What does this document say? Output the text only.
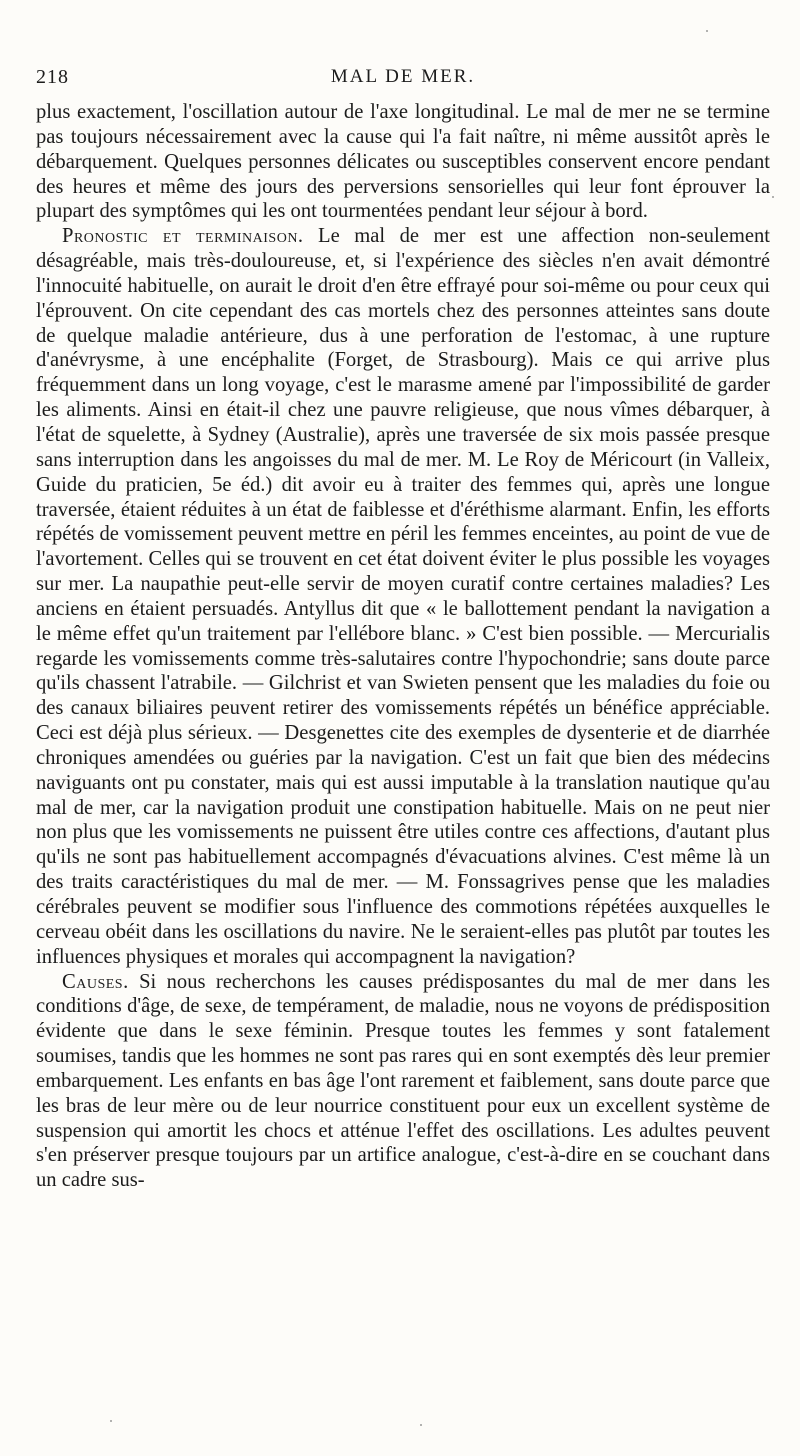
218	MAL DE MER.

plus exactement, l'oscillation autour de l'axe longitudinal. Le mal de mer ne se termine pas toujours nécessairement avec la cause qui l'a fait naître, ni même aussitôt après le débarquement. Quelques personnes délicates ou susceptibles conservent encore pendant des heures et même des jours des perversions sensorielles qui leur font éprouver la plupart des symptômes qui les ont tourmentées pendant leur séjour à bord.

Pronostic et terminaison. Le mal de mer est une affection non-seulement désagréable, mais très-douloureuse, et, si l'expérience des siècles n'en avait démontré l'innocuité habituelle, on aurait le droit d'en être effrayé pour soi-même ou pour ceux qui l'éprouvent. On cite cependant des cas mortels chez des personnes atteintes sans doute de quelque maladie antérieure, dus à une perforation de l'estomac, à une rupture d'anévrysme, à une encéphalite (Forget, de Strasbourg). Mais ce qui arrive plus fréquemment dans un long voyage, c'est le marasme amené par l'impossibilité de garder les aliments. Ainsi en était-il chez une pauvre religieuse, que nous vîmes débarquer, à l'état de squelette, à Sydney (Australie), après une traversée de six mois passée presque sans interruption dans les angoisses du mal de mer. M. Le Roy de Méricourt (in Valleix, Guide du praticien, 5e éd.) dit avoir eu à traiter des femmes qui, après une longue traversée, étaient réduites à un état de faiblesse et d'éréthisme alarmant. Enfin, les efforts répétés de vomissement peuvent mettre en péril les femmes enceintes, au point de vue de l'avortement. Celles qui se trouvent en cet état doivent éviter le plus possible les voyages sur mer. La naupathie peut-elle servir de moyen curatif contre certaines maladies? Les anciens en étaient persuadés. Antyllus dit que « le ballottement pendant la navigation a le même effet qu'un traitement par l'ellébore blanc. » C'est bien possible. — Mercurialis regarde les vomissements comme très-salutaires contre l'hypochondrie; sans doute parce qu'ils chassent l'atrabile. — Gilchrist et van Swieten pensent que les maladies du foie ou des canaux biliaires peuvent retirer des vomissements répétés un bénéfice appréciable. Ceci est déjà plus sérieux. — Desgenettes cite des exemples de dysenterie et de diarrhée chroniques amendées ou guéries par la navigation. C'est un fait que bien des médecins naviguants ont pu constater, mais qui est aussi imputable à la translation nautique qu'au mal de mer, car la navigation produit une constipation habituelle. Mais on ne peut nier non plus que les vomissements ne puissent être utiles contre ces affections, d'autant plus qu'ils ne sont pas habituellement accompagnés d'évacuations alvines. C'est même là un des traits caractéristiques du mal de mer. — M. Fonssagrives pense que les maladies cérébrales peuvent se modifier sous l'influence des commotions répétées auxquelles le cerveau obéit dans les oscillations du navire. Ne le seraient-elles pas plutôt par toutes les influences physiques et morales qui accompagnent la navigation?

Causes. Si nous recherchons les causes prédisposantes du mal de mer dans les conditions d'âge, de sexe, de tempérament, de maladie, nous ne voyons de prédisposition évidente que dans le sexe féminin. Presque toutes les femmes y sont fatalement soumises, tandis que les hommes ne sont pas rares qui en sont exemptés dès leur premier embarquement. Les enfants en bas âge l'ont rarement et faiblement, sans doute parce que les bras de leur mère ou de leur nourrice constituent pour eux un excellent système de suspension qui amortit les chocs et atténue l'effet des oscillations. Les adultes peuvent s'en préserver presque toujours par un artifice analogue, c'est-à-dire en se couchant dans un cadre sus-
